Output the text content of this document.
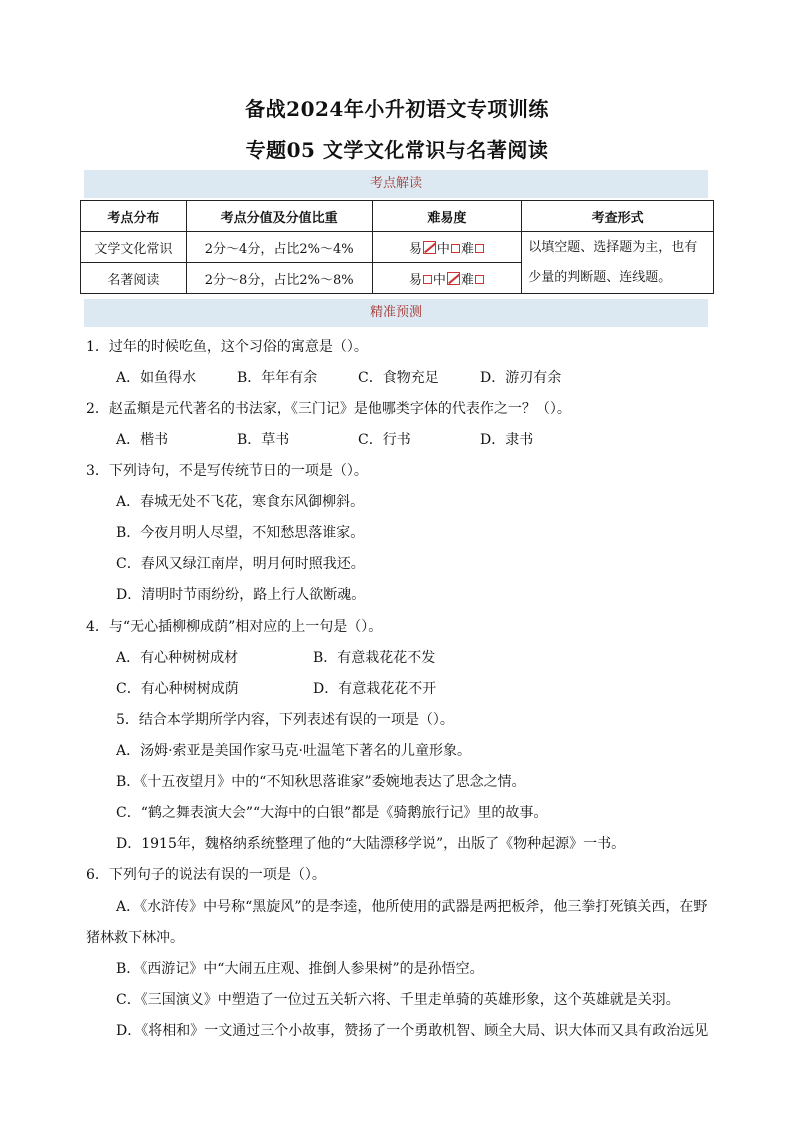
备战2024年小升初语文专项训练
专题05 文学文化常识与名著阅读
考点解读
考点分布	考点分值及分值比重	难易度	考查形式
文学文化常识	2分～4分，占比2%～4%	易 中 难	以填空题、选择题为主，也有少量的判断题、连线题。
名著阅读	2分～8分，占比2%～8%	易 中 难	
精准预测
1．过年的时候吃鱼，这个习俗的寓意是（）。
A．如鱼得水	B．年年有余	C．食物充足	D．游刃有余
2．赵孟頫是元代著名的书法家，《三门记》是他哪类字体的代表作之一？（）。
A．楷书	B．草书	C．行书	D．隶书
3．下列诗句，不是写传统节日的一项是（）。
A．春城无处不飞花，寒食东风御柳斜。
B．今夜月明人尽望，不知愁思落谁家。
C．春风又绿江南岸，明月何时照我还。
D．清明时节雨纷纷，路上行人欲断魂。
4．与“无心插柳柳成荫”相对应的上一句是（）。
A．有心种树树成材	B．有意栽花花不发
C．有心种树树成荫	D．有意栽花花不开
5．结合本学期所学内容，下列表述有误的一项是（）。
A．汤姆·索亚是美国作家马克·吐温笔下著名的儿童形象。
B．《十五夜望月》中的“不知秋思落谁家”委婉地表达了思念之情。
C．“鹤之舞表演大会”“大海中的白银”都是《骑鹅旅行记》里的故事。
D．1915年，魏格纳系统整理了他的“大陆漂移学说”，出版了《物种起源》一书。
6．下列句子的说法有误的一项是（）。
A．《水浒传》中号称“黑旋风”的是李逵，他所使用的武器是两把板斧，他三拳打死镇关西，在野
猪林救下林冲。
B．《西游记》中“大闹五庄观、推倒人参果树”的是孙悟空。
C．《三国演义》中塑造了一位过五关斩六将、千里走单骑的英雄形象，这个英雄就是关羽。
D．《将相和》一文通过三个小故事，赞扬了一个勇敢机智、顾全大局、识大体而又具有政治远见
